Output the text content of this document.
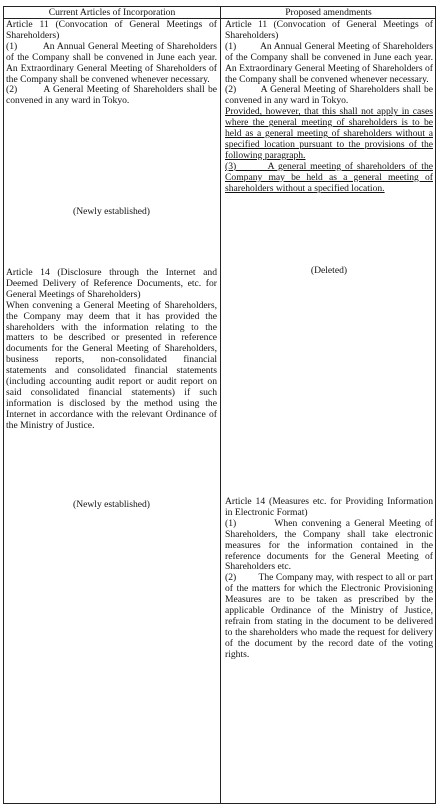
Current Articles of Incorporation	Proposed amendments

Article 11 (Convocation of General Meetings of Shareholders)

(1)         An Annual General Meeting of Shareholders of the Company shall be convened in June each year. An Extraordinary General Meeting of Shareholders of the Company shall be convened whenever necessary.

(2)        A General Meeting of Shareholders shall be convened in any ward in Tokyo.

(Newly established)

Article 11 (Convocation of General Meetings of Shareholders)

(1)         An Annual General Meeting of Shareholders of the Company shall be convened in June each year. An Extraordinary General Meeting of Shareholders of the Company shall be convened whenever necessary.

(2)        A General Meeting of Shareholders shall be convened in any ward in Tokyo.

Provided, however, that this shall not apply in cases where the general meeting of shareholders is to be held as a general meeting of shareholders without a specified location pursuant to the provisions of the following paragraph.

(3)        A general meeting of shareholders of the Company may be held as a general meeting of shareholders without a specified location.

Article 14 (Disclosure through the Internet and Deemed Delivery of Reference Documents, etc. for General Meetings of Shareholders)

When convening a General Meeting of Shareholders, the Company may deem that it has provided the shareholders with the information relating to the matters to be described or presented in reference documents for the General Meeting of Shareholders, business reports, non-consolidated financial statements and consolidated financial statements (including accounting audit report or audit report on said consolidated financial statements) if such information is disclosed by the method using the Internet in accordance with the relevant Ordinance of the Ministry of Justice.

(Newly established)
(Deleted)

Article 14 (Measures etc. for Providing Information in Electronic Format)

(1)         When convening a General Meeting of Shareholders, the Company shall take electronic measures for the information contained in the reference documents for the General Meeting of Shareholders etc.

(2)         The Company may, with respect to all or part of the matters for which the Electronic Provisioning Measures are to be taken as prescribed by the applicable Ordinance of the Ministry of Justice, refrain from stating in the document to be delivered to the shareholders who made the request for delivery of the document by the record date of the voting rights.
